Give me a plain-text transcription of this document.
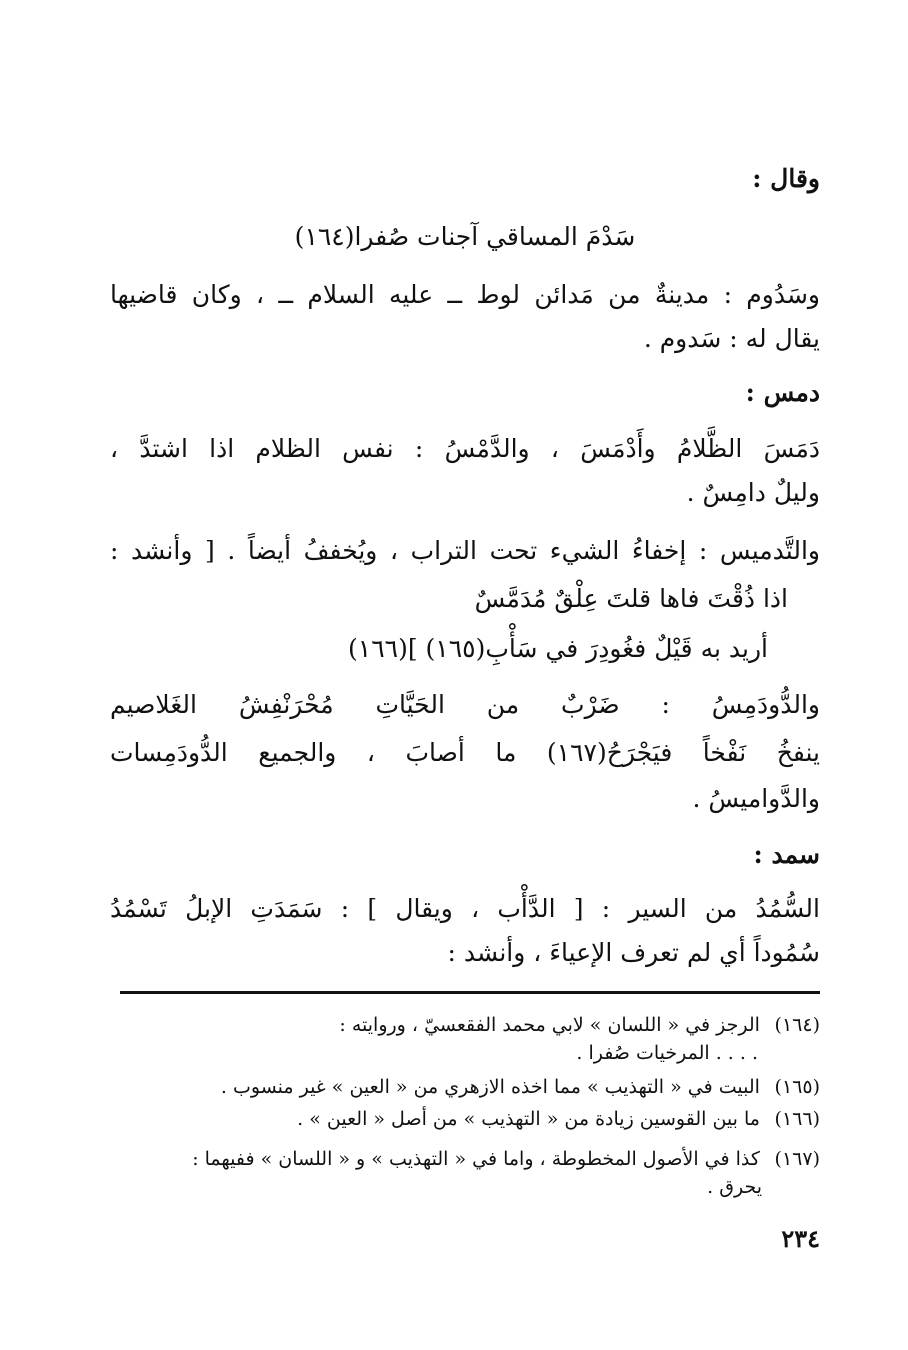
وقال :
سَدْمَ المساقي آجنات صُفرا(١٦٤)
وسَدُوم : مدينةٌ من مَدائن لوط ــ عليه السلام ــ ، وكان قاضيها
يقال له : سَدوم .
دمس :
دَمَسَ الظَّلامُ وأَدْمَسَ ، والدَّمْسُ : نفس الظلام اذا اشتدَّ ،
وليلٌ دامِسٌ .
والتَّدميس : إخفاءُ الشيء تحت التراب ، ويُخففُ أيضاً . [ وأنشد :
اذا ذُقْتَ فاها قلتَ عِلْقٌ مُدَمَّسٌ
أريد به قَيْلٌ فغُودِرَ في سَأْبِ(١٦٥) ](١٦٦)
والدُّودَمِسُ : ضَرْبٌ من الحَيَّاتِ مُحْرَنْفِشُ الغَلاصيم
ينفخُ نَفْخاً فيَجْرَحُ(١٦٧) ما أصابَ ، والجميع الدُّودَمِسات
والدَّواميسُ .
سمد :
السُّمُدُ من السير : [ الدَّأْب ، ويقال ] : سَمَدَتِ الإبلُ تَسْمُدُ
سُمُوداً أي لم تعرف الإعياءَ ، وأنشد :
(١٦٤) الرجز في « اللسان » لابي محمد الفقعسيّ ، وروايته :
. . . . المرخيات صُفرا .
(١٦٥) البيت في « التهذيب » مما اخذه الازهري من « العين » غير منسوب .
(١٦٦) ما بين القوسين زيادة من « التهذيب » من أصل « العين » .
(١٦٧) كذا في الأصول المخطوطة ، واما في « التهذيب » و « اللسان » ففيهما :
يحرق .
٢٣٤
